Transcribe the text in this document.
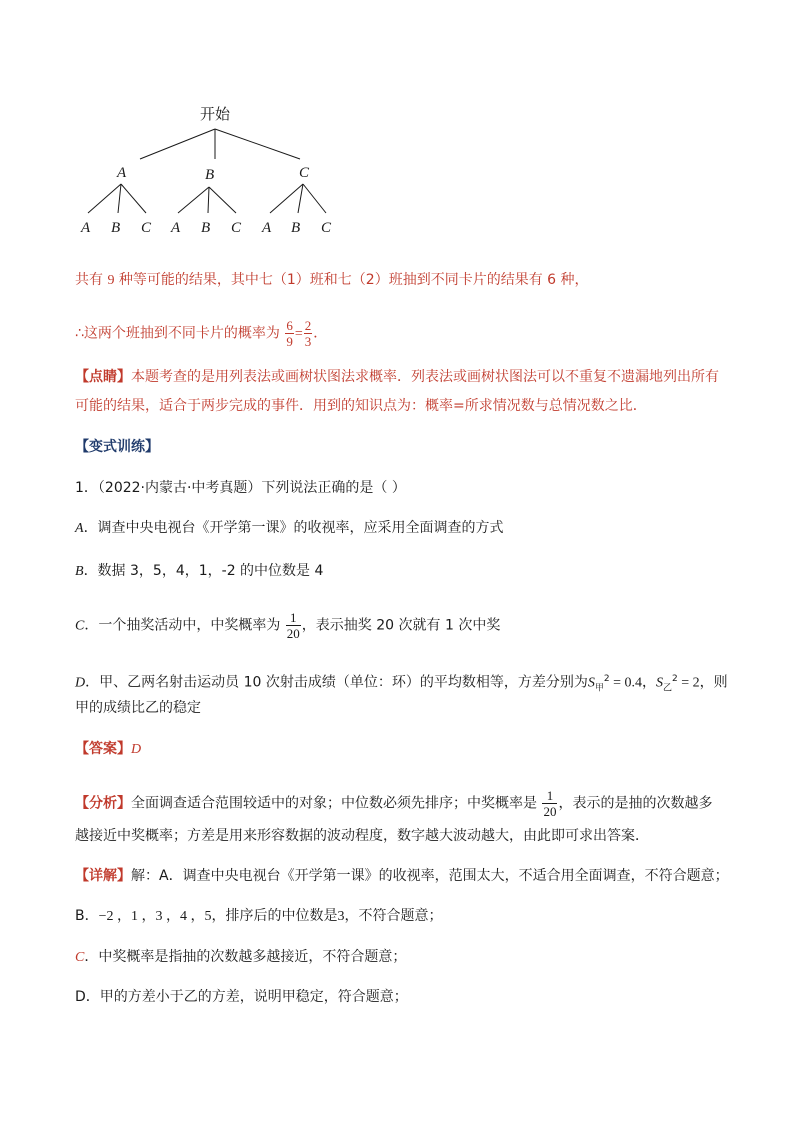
开始
A	B	C
A B C A B C A B C
共有 9 种等可能的结果，其中七（1）班和七（2）班抽到不同卡片的结果有 6 种，
∴这两个班抽到不同卡片的概率为 $\frac{6}{9} = \frac{2}{3}$ ．
【点睛】本题考查的是用列表法或画树状图法求概率．列表法或画树状图法可以不重复不遗漏地列出所有
可能的结果，适合于两步完成的事件．用到的知识点为：概率=所求情况数与总情况数之比．
【变式训练】
1．（2022·内蒙古·中考真题）下列说法正确的是（ ）
A．调查中央电视台《开学第一课》的收视率，应采用全面调查的方式
B．数据 3，5，4，1，-2 的中位数是 4
C．一个抽奖活动中，中奖概率为 $\frac{1}{20}$ ，表示抽奖 20 次就有 1 次中奖
D．甲、乙两名射击运动员 10 次射击成绩（单位：环）的平均数相等，方差分别为$S_甲^2 = 0.4$，$S_乙^2 = 2$，则
甲的成绩比乙的稳定
【答案】D
【分析】全面调查适合范围较适中的对象；中位数必须先排序；中奖概率是 $\frac{1}{20}$ ，表示的是抽的次数越多
越接近中奖概率；方差是用来形容数据的波动程度，数字越大波动越大，由此即可求出答案．
【详解】解：A．调查中央电视台《开学第一课》的收视率，范围太大，不适合用全面调查，不符合题意；
B．−2 ，1 ，3 ，4 ，5，排序后的中位数是3，不符合题意；
C．中奖概率是指抽的次数越多越接近，不符合题意；
D．甲的方差小于乙的方差，说明甲稳定，符合题意；
